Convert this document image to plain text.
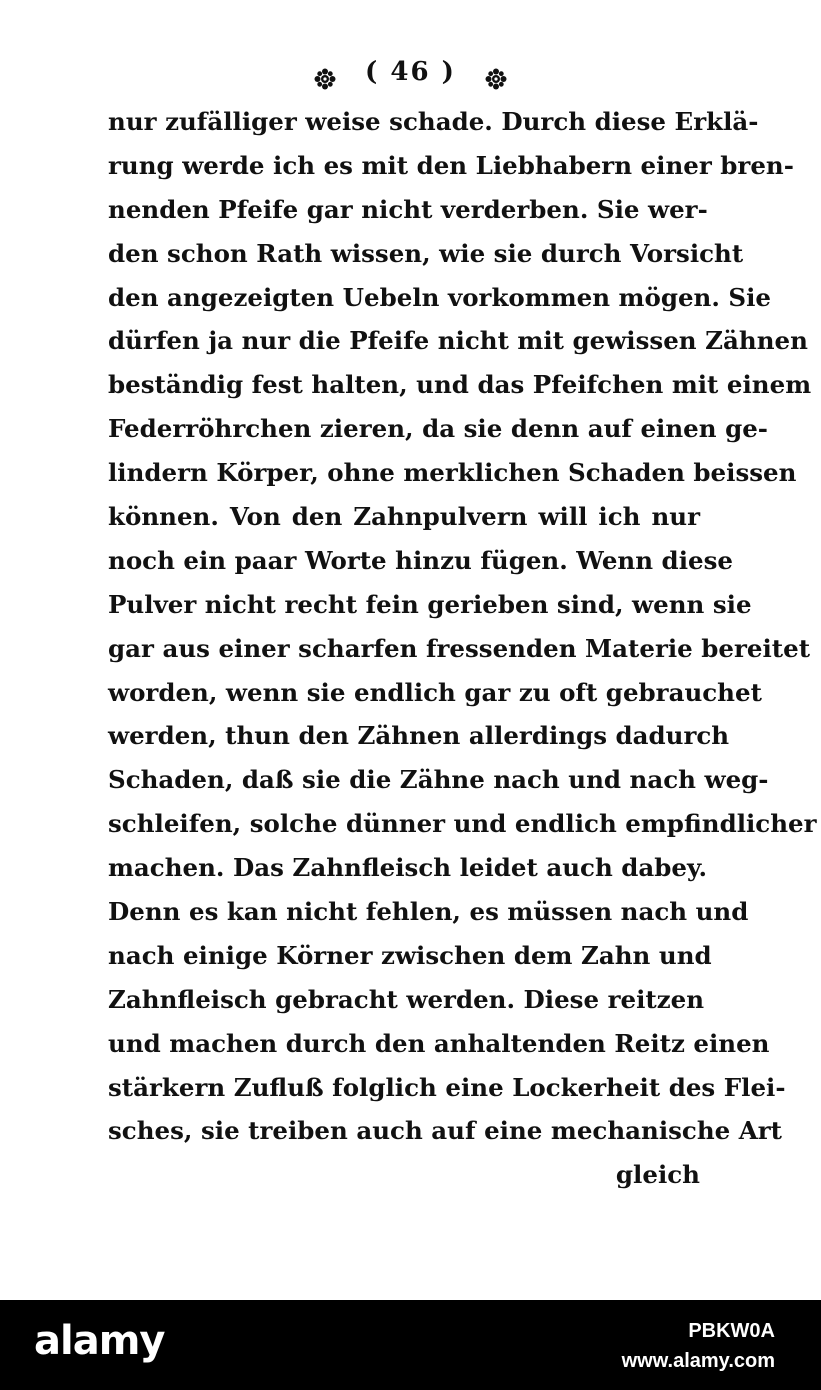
( 46 )
nur zufälliger weise schade. Durch diese Erklä-
rung werde ich es mit den Liebhabern einer bren-
nenden Pfeife gar nicht verderben. Sie wer-
den schon Rath wissen, wie sie durch Vorsicht
den angezeigten Uebeln vorkommen mögen. Sie
dürfen ja nur die Pfeife nicht mit gewissen Zähnen
beständig fest halten, und das Pfeifchen mit einem
Federröhrchen zieren, da sie denn auf einen ge-
lindern Körper, ohne merklichen Schaden beissen
können. Von den Zahnpulvern will ich nur
noch ein paar Worte hinzu fügen. Wenn diese
Pulver nicht recht fein gerieben sind, wenn sie
gar aus einer scharfen fressenden Materie bereitet
worden, wenn sie endlich gar zu oft gebrauchet
werden, thun den Zähnen allerdings dadurch
Schaden, daß sie die Zähne nach und nach weg-
schleifen, solche dünner und endlich empfindlicher
machen. Das Zahnfleisch leidet auch dabey.
Denn es kan nicht fehlen, es müssen nach und
nach einige Körner zwischen dem Zahn und
Zahnfleisch gebracht werden. Diese reitzen
und machen durch den anhaltenden Reitz einen
stärkern Zufluß folglich eine Lockerheit des Flei-
sches, sie treiben auch auf eine mechanische Art
gleich
alamy	PBKW0A
www.alamy.com
